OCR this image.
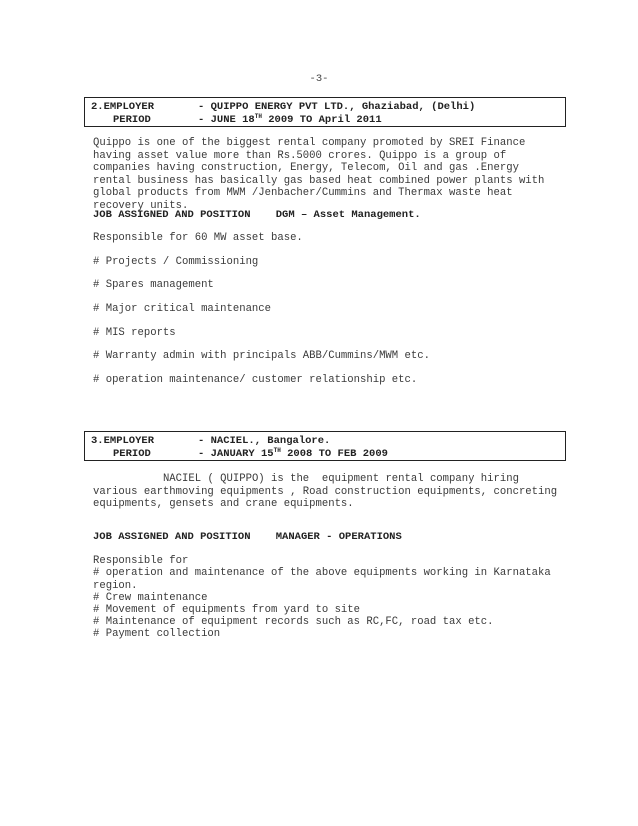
-3-
2.EMPLOYER	- QUIPPO ENERGY PVT LTD., Ghaziabad, (Delhi)
PERIOD	- JUNE 18TH 2009 TO April 2011

Quippo is one of the biggest rental company promoted by SREI Finance having asset value more than Rs.5000 crores. Quippo is a group of companies having construction, Energy, Telecom, Oil and gas .Energy rental business has basically gas based heat combined power plants with global products from MWM /Jenbacher/Cummins and Thermax waste heat recovery units.

JOB ASSIGNED AND POSITION DGM – Asset Management.
Responsible for 60 MW asset base.
# Projects / Commissioning
# Spares management
# Major critical maintenance
# MIS reports
# Warranty admin with principals ABB/Cummins/MWM etc.
# operation maintenance/ customer relationship etc.
3.EMPLOYER	- NACIEL., Bangalore.
PERIOD	- JANUARY 15TH 2008 TO FEB 2009

NACIEL ( QUIPPO) is the  equipment rental company hiring various earthmoving equipments , Road construction equipments, concreting equipments, gensets and crane equipments.

JOB ASSIGNED AND POSITION MANAGER - OPERATIONS
Responsible for

# operation and maintenance of the above equipments working in Karnataka region.

# Crew maintenance
# Movement of equipments from yard to site
# Maintenance of equipment records such as RC,FC, road tax etc.
# Payment collection
